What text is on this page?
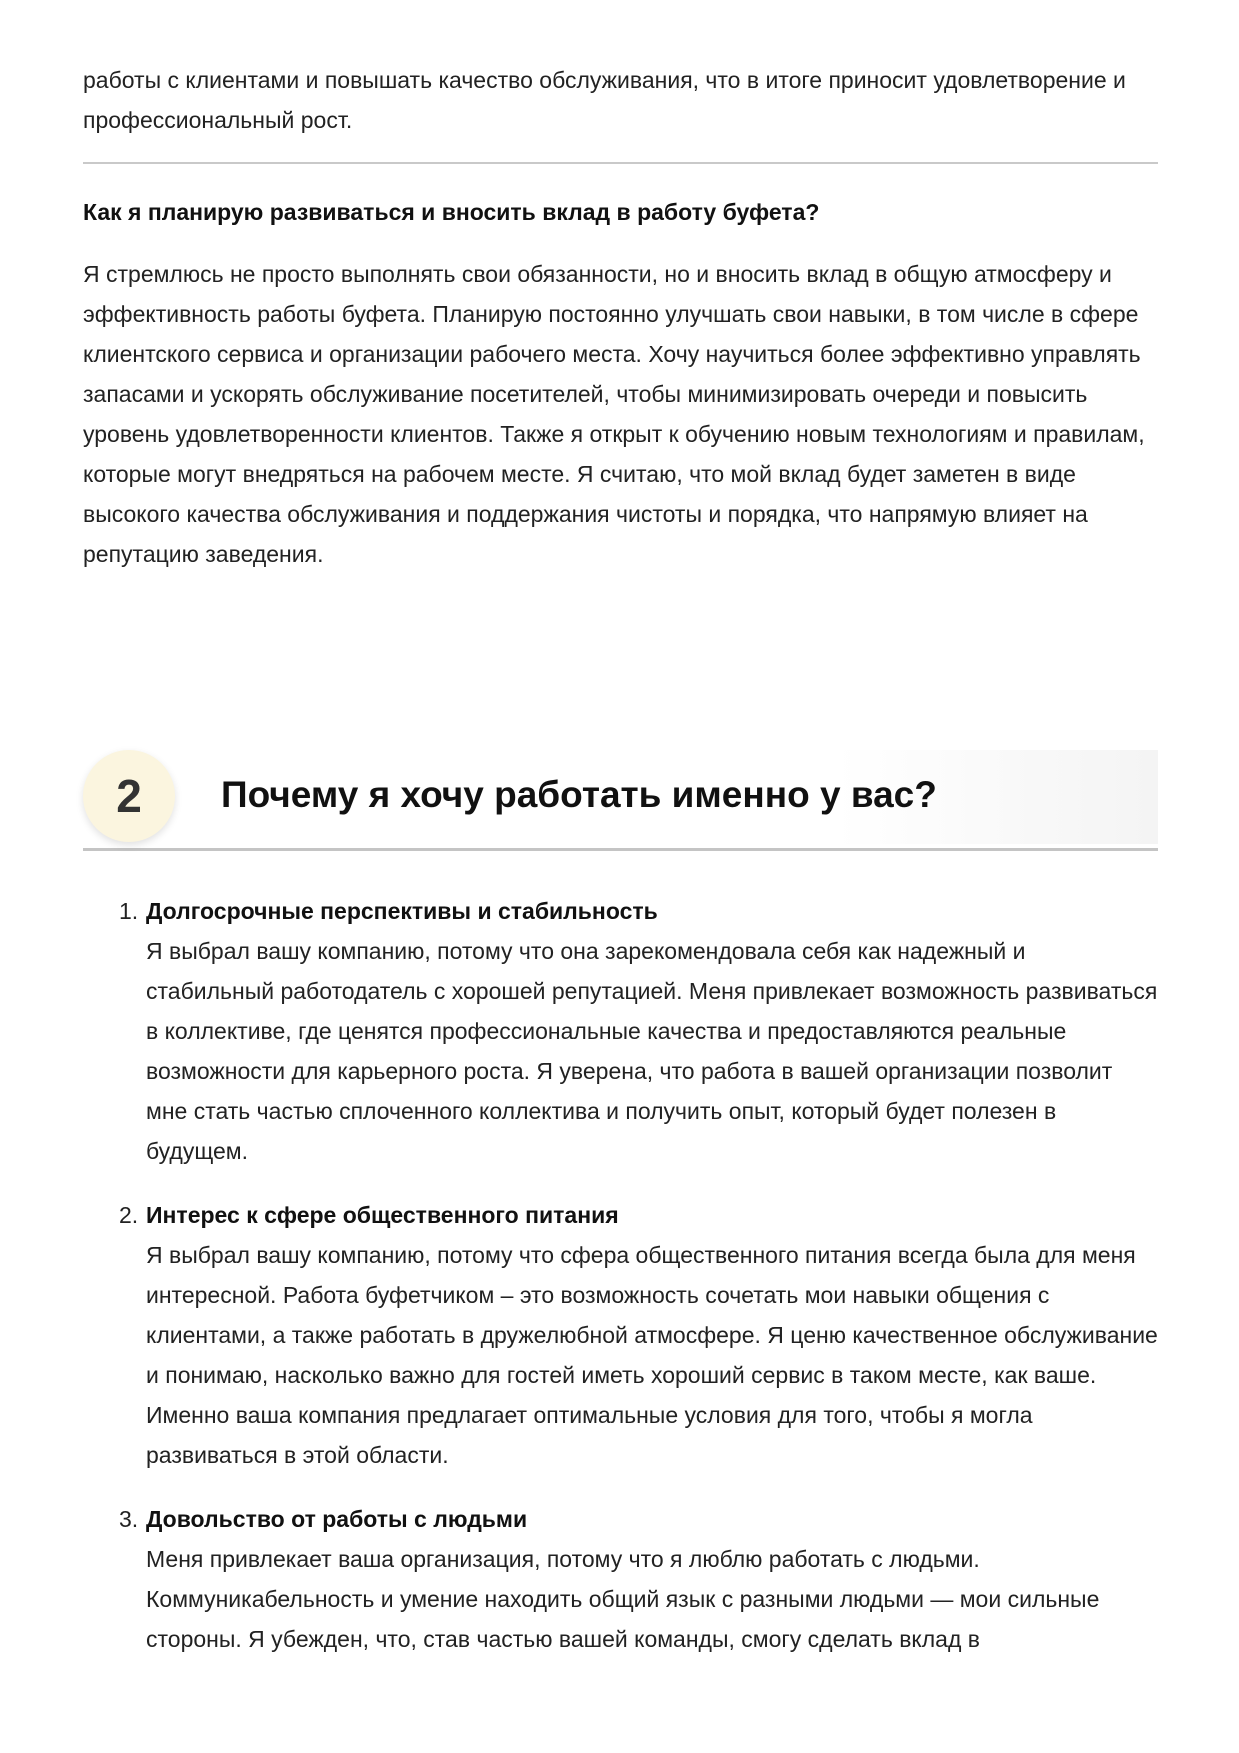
работы с клиентами и повышать качество обслуживания, что в итоге приносит удовлетворение и профессиональный рост.

Как я планирую развиваться и вносить вклад в работу буфета?

Я стремлюсь не просто выполнять свои обязанности, но и вносить вклад в общую атмосферу и эффективность работы буфета. Планирую постоянно улучшать свои навыки, в том числе в сфере клиентского сервиса и организации рабочего места. Хочу научиться более эффективно управлять запасами и ускорять обслуживание посетителей, чтобы минимизировать очереди и повысить уровень удовлетворенности клиентов. Также я открыт к обучению новым технологиям и правилам, которые могут внедряться на рабочем месте. Я считаю, что мой вклад будет заметен в виде высокого качества обслуживания и поддержания чистоты и порядка, что напрямую влияет на репутацию заведения.

2	Почему я хочу работать именно у вас?
1. Долгосрочные перспективы и стабильность

Я выбрал вашу компанию, потому что она зарекомендовала себя как надежный и стабильный работодатель с хорошей репутацией. Меня привлекает возможность развиваться в коллективе, где ценятся профессиональные качества и предоставляются реальные возможности для карьерного роста. Я уверена, что работа в вашей организации позволит мне стать частью сплоченного коллектива и получить опыт, который будет полезен в будущем.

2. Интерес к сфере общественного питания

Я выбрал вашу компанию, потому что сфера общественного питания всегда была для меня интересной. Работа буфетчиком – это возможность сочетать мои навыки общения с клиентами, а также работать в дружелюбной атмосфере. Я ценю качественное обслуживание и понимаю, насколько важно для гостей иметь хороший сервис в таком месте, как ваше. Именно ваша компания предлагает оптимальные условия для того, чтобы я могла развиваться в этой области.

3. Довольство от работы с людьми

Меня привлекает ваша организация, потому что я люблю работать с людьми. Коммуникабельность и умение находить общий язык с разными людьми — мои сильные стороны. Я убежден, что, став частью вашей команды, смогу сделать вклад в
